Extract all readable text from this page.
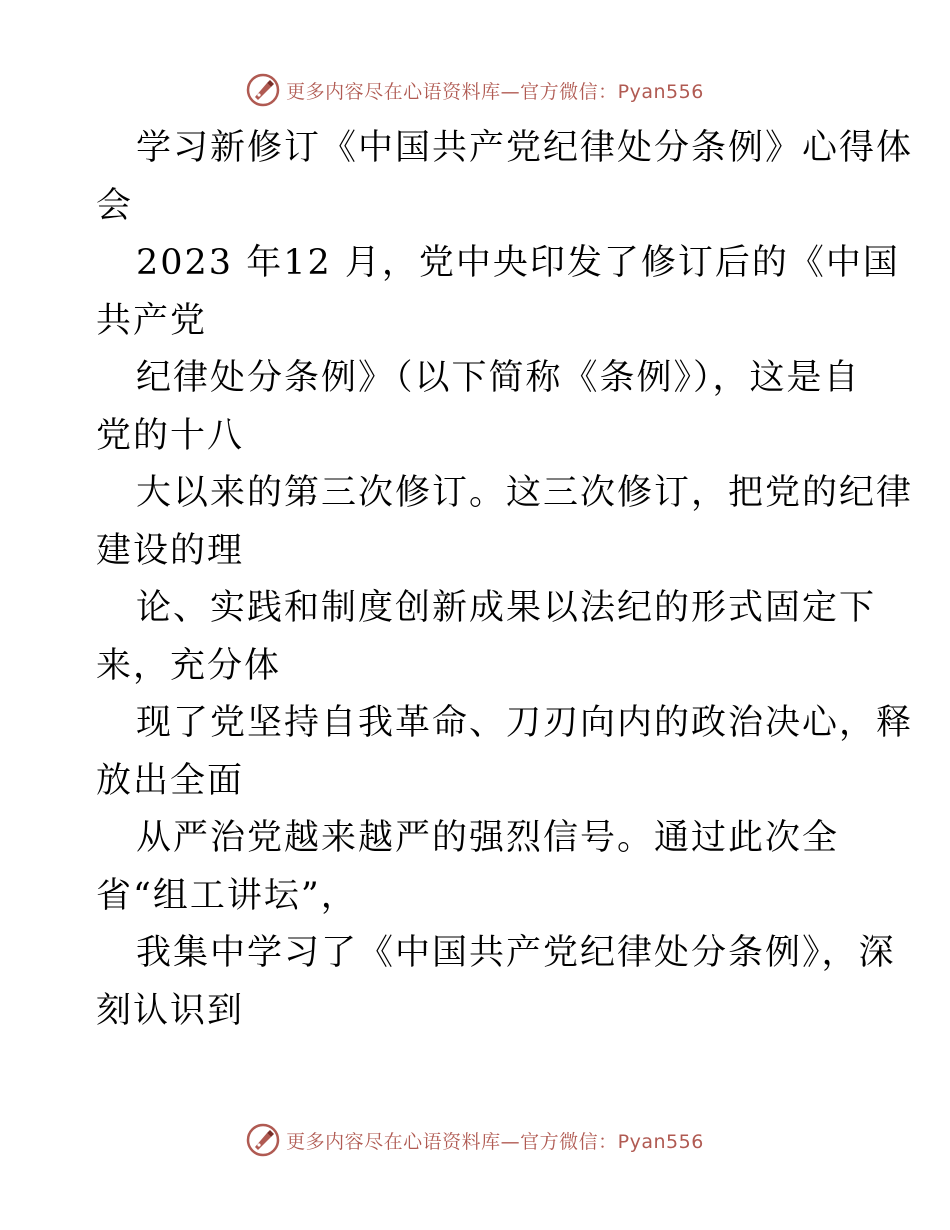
更多内容尽在心语资料库—官方微信：Pyan556
学习新修订《中国共产党纪律处分条例》心得体
会
2023 年12 月，党中央印发了修订后的《中国
共产党
纪律处分条例》（以下简称《条例》），这是自
党的十八
大以来的第三次修订。这三次修订，把党的纪律
建设的理
论、实践和制度创新成果以法纪的形式固定下
来，充分体
现了党坚持自我革命、刀刃向内的政治决心，释
放出全面
从严治党越来越严的强烈信号。通过此次全
省“组工讲坛”，
我集中学习了《中国共产党纪律处分条例》，深
刻认识到
更多内容尽在心语资料库—官方微信：Pyan556
